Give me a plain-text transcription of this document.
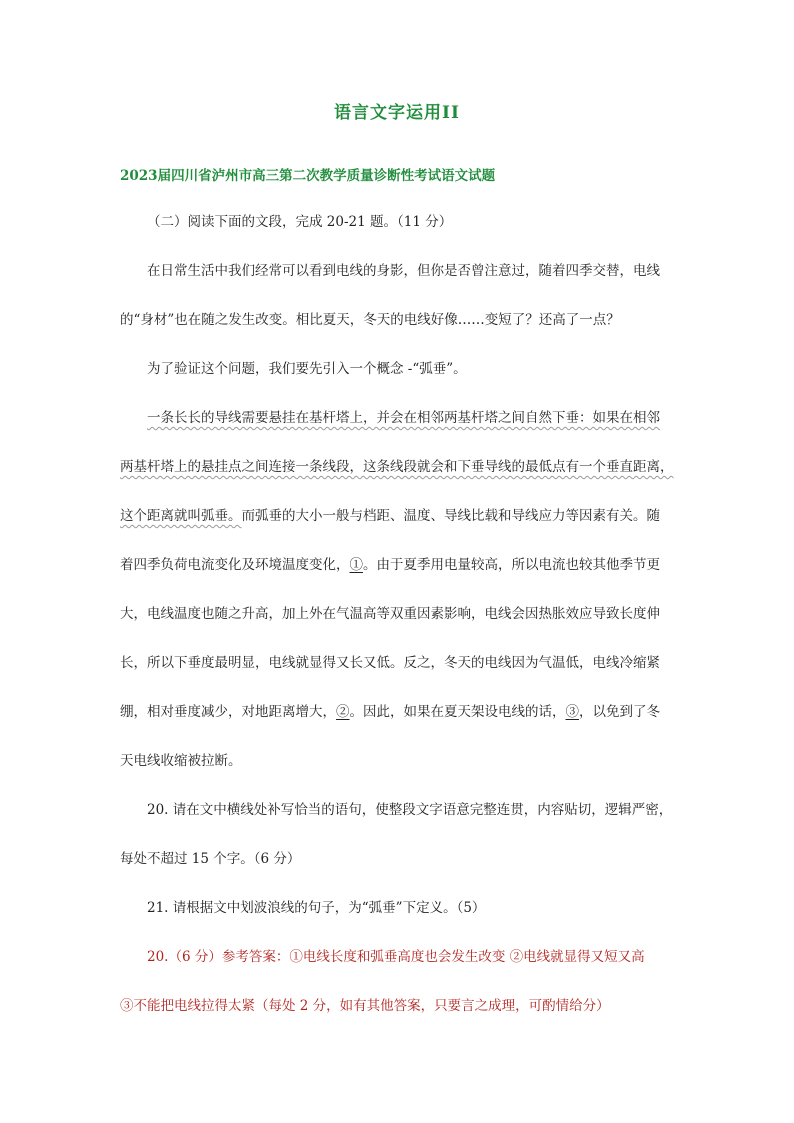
语言文字运用II
2023届四川省泸州市高三第二次教学质量诊断性考试语文试题
（二）阅读下面的文段，完成 20-21 题。（11 分）
在日常生活中我们经常可以看到电线的身影，但你是否曾注意过，随着四季交替，电线
的“身材”也在随之发生改变。相比夏天，冬天的电线好像……变短了？还高了一点？
为了验证这个问题，我们要先引入一个概念 -“弧垂”。
一条长长的导线需要悬挂在基杆塔上，并会在相邻两基杆塔之间自然下垂：如果在相邻
两基杆塔上的悬挂点之间连接一条线段，这条线段就会和下垂导线的最低点有一个垂直距离，
这个距离就叫弧垂。而弧垂的大小一般与档距、温度、导线比载和导线应力等因素有关。随
着四季负荷电流变化及环境温度变化，①。由于夏季用电量较高，所以电流也较其他季节更
大，电线温度也随之升高，加上外在气温高等双重因素影响，电线会因热胀效应导致长度伸
长，所以下垂度最明显，电线就显得又长又低。反之，冬天的电线因为气温低，电线冷缩紧
绷，相对垂度减少，对地距离增大，②。因此，如果在夏天架设电线的话，③，以免到了冬
天电线收缩被拉断。
20. 请在文中横线处补写恰当的语句，使整段文字语意完整连贯，内容贴切，逻辑严密，
每处不超过 15 个字。（6 分）
21. 请根据文中划波浪线的句子，为“弧垂”下定义。（5）
20.（6 分）参考答案：①电线长度和弧垂高度也会发生改变 ②电线就显得又短又高
③不能把电线拉得太紧（每处 2 分，如有其他答案，只要言之成理，可酌情给分）
